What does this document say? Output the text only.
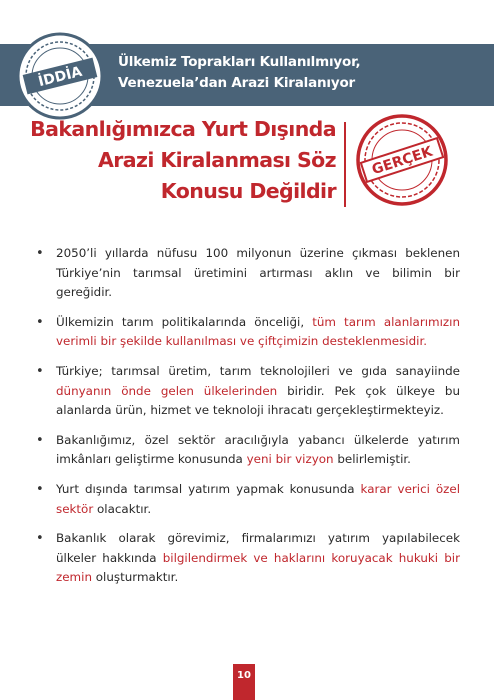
İDDİA
Ülkemiz Toprakları Kullanılmıyor,
Venezuela’dan Arazi Kiralanıyor
Bakanlığımızca Yurt Dışında
Arazi Kiralanması Söz
Konusu Değildir
GERÇEK
• 2050’li yıllarda nüfusu 100 milyonun üzerine çıkması beklenen Türkiye’nin tarımsal üretimini artırması aklın ve bilimin bir gereğidir.
• Ülkemizin tarım politikalarında önceliği, tüm tarım alanlarımızın verimli bir şekilde kullanılması ve çiftçimizin desteklenmesidir.
• Türkiye; tarımsal üretim, tarım teknolojileri ve gıda sanayiinde dünyanın önde gelen ülkelerinden biridir. Pek çok ülkeye bu alanlarda ürün, hizmet ve teknoloji ihracatı gerçekleştirmekteyiz.
• Bakanlığımız, özel sektör aracılığıyla yabancı ülkelerde yatırım imkânları geliştirme konusunda yeni bir vizyon belirlemiştir.
• Yurt dışında tarımsal yatırım yapmak konusunda karar verici özel sektör olacaktır.
• Bakanlık olarak görevimiz, firmalarımızı yatırım yapılabilecek ülkeler hakkında bilgilendirmek ve haklarını koruyacak hukuki bir zemin oluşturmaktır.
10
